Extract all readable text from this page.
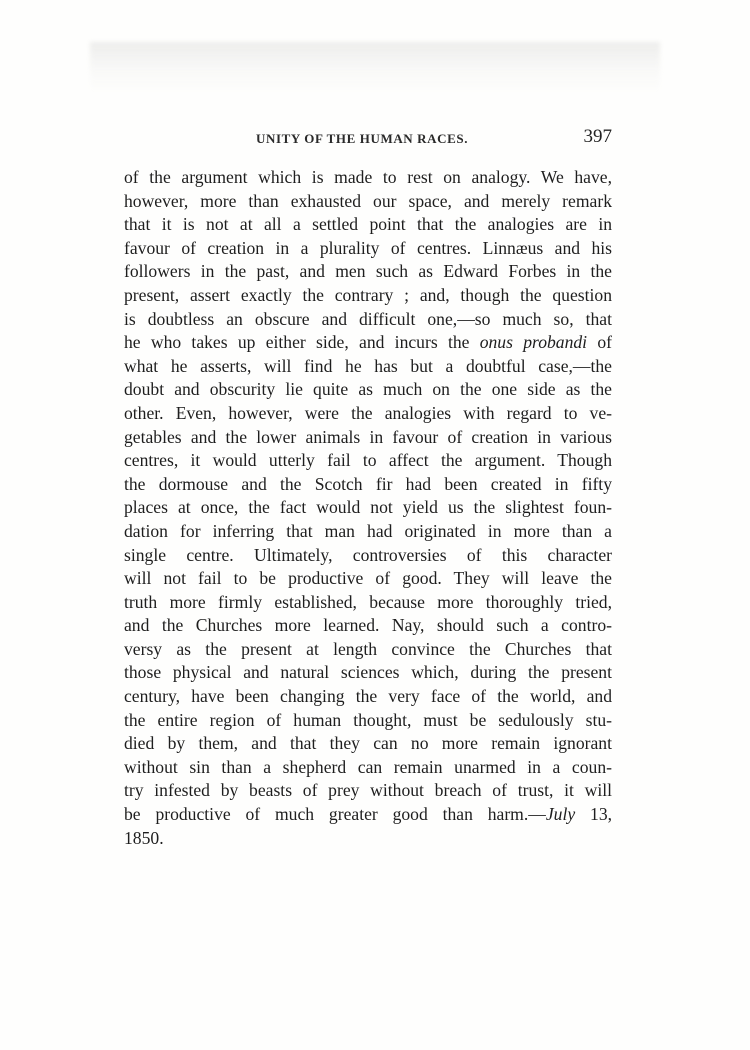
UNITY OF THE HUMAN RACES.	397
of the argument which is made to rest on analogy. We have,
however, more than exhausted our space, and merely remark
that it is not at all a settled point that the analogies are in
favour of creation in a plurality of centres. Linnæus and his
followers in the past, and men such as Edward Forbes in the
present, assert exactly the contrary ; and, though the question
is doubtless an obscure and difficult one,—so much so, that
he who takes up either side, and incurs the onus probandi of
what he asserts, will find he has but a doubtful case,—the
doubt and obscurity lie quite as much on the one side as the
other. Even, however, were the analogies with regard to ve-
getables and the lower animals in favour of creation in various
centres, it would utterly fail to affect the argument. Though
the dormouse and the Scotch fir had been created in fifty
places at once, the fact would not yield us the slightest foun-
dation for inferring that man had originated in more than a
single centre. Ultimately, controversies of this character
will not fail to be productive of good. They will leave the
truth more firmly established, because more thoroughly tried,
and the Churches more learned. Nay, should such a contro-
versy as the present at length convince the Churches that
those physical and natural sciences which, during the present
century, have been changing the very face of the world, and
the entire region of human thought, must be sedulously stu-
died by them, and that they can no more remain ignorant
without sin than a shepherd can remain unarmed in a coun-
try infested by beasts of prey without breach of trust, it will
be productive of much greater good than harm.—July 13,
1850.
